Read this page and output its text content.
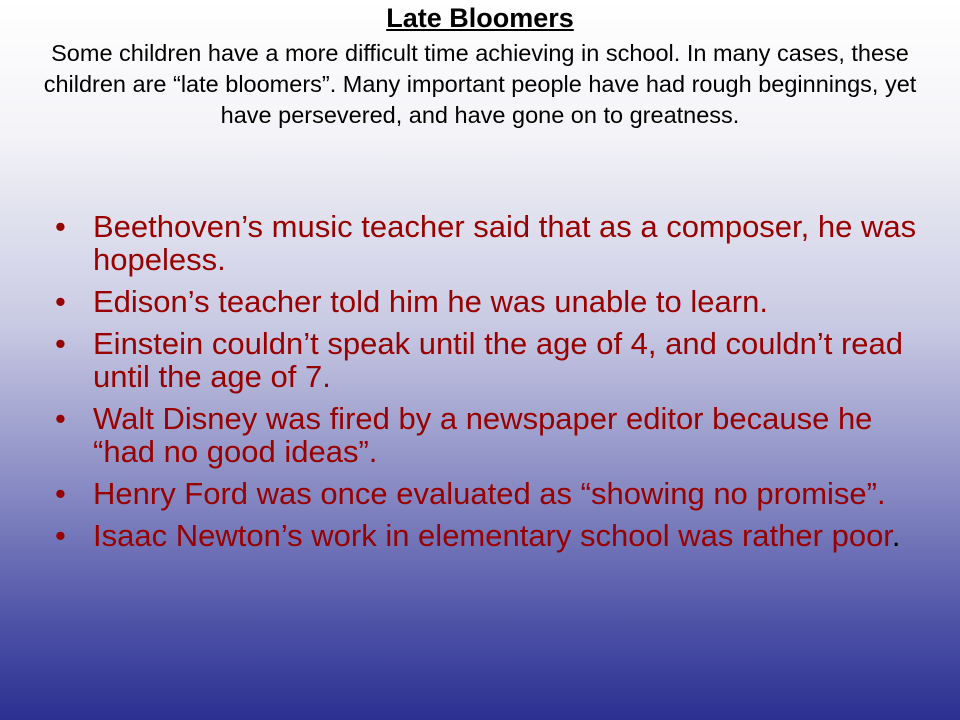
Late Bloomers
Some children have a more difficult time achieving in school. In many cases, these children are “late bloomers”. Many important people have had rough beginnings, yet have persevered, and have gone on to greatness.
• Beethoven’s music teacher said that as a composer, he was hopeless.
• Edison’s teacher told him he was unable to learn.
• Einstein couldn’t speak until the age of 4, and couldn’t read until the age of 7.
• Walt Disney was fired by a newspaper editor because he “had no good ideas”.
• Henry Ford was once evaluated as “showing no promise”.
• Isaac Newton’s work in elementary school was rather poor.
